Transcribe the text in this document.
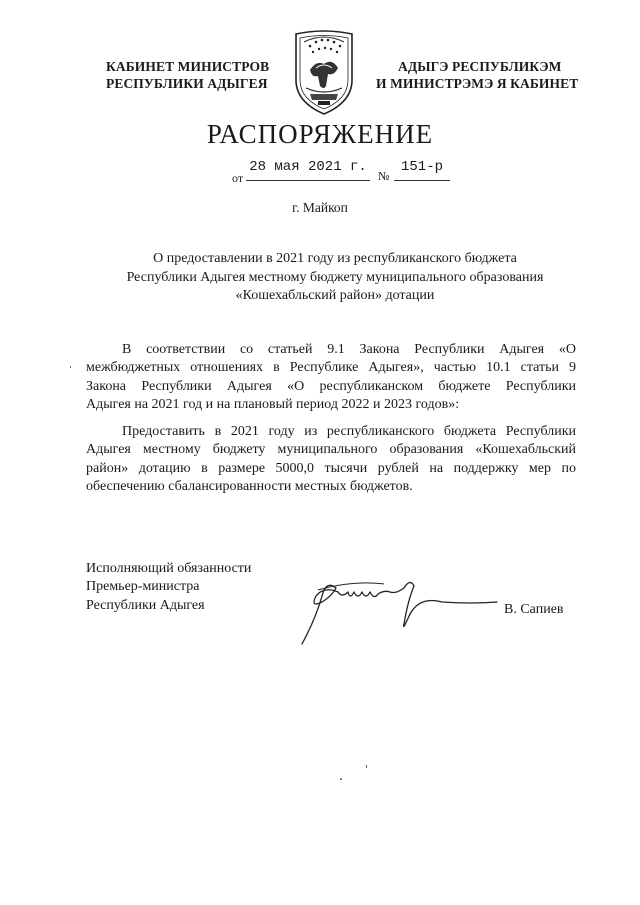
КАБИНЕТ МИНИСТРОВ
РЕСПУБЛИКИ АДЫГЕЯ
АДЫГЭ РЕСПУБЛИКЭМ
И МИНИСТРЭМЭ Я КАБИНЕТ
РАСПОРЯЖЕНИЕ
от
28 мая 2021 г.
№
151-р
г. Майкоп
О предоставлении в 2021 году из республиканского бюджета
Республики Адыгея местному бюджету муниципального образования
«Кошехабльский район» дотации
В соответствии со статьей 9.1 Закона Республики Адыгея «О
межбюджетных отношениях в Республике Адыгея», частью 10.1 статьи 9
Закона Республики Адыгея «О республиканском бюджете Республики
Адыгея на 2021 год и на плановый период 2022 и 2023 годов»:
Предоставить в 2021 году из республиканского бюджета Республики
Адыгея местному бюджету муниципального образования «Кошехабльский
район» дотацию в размере 5000,0 тысячи рублей на поддержку мер по
обеспечению сбалансированности местных бюджетов.
Исполняющий обязанности
Премьер-министра
Республики Адыгея	В. Сапиев
